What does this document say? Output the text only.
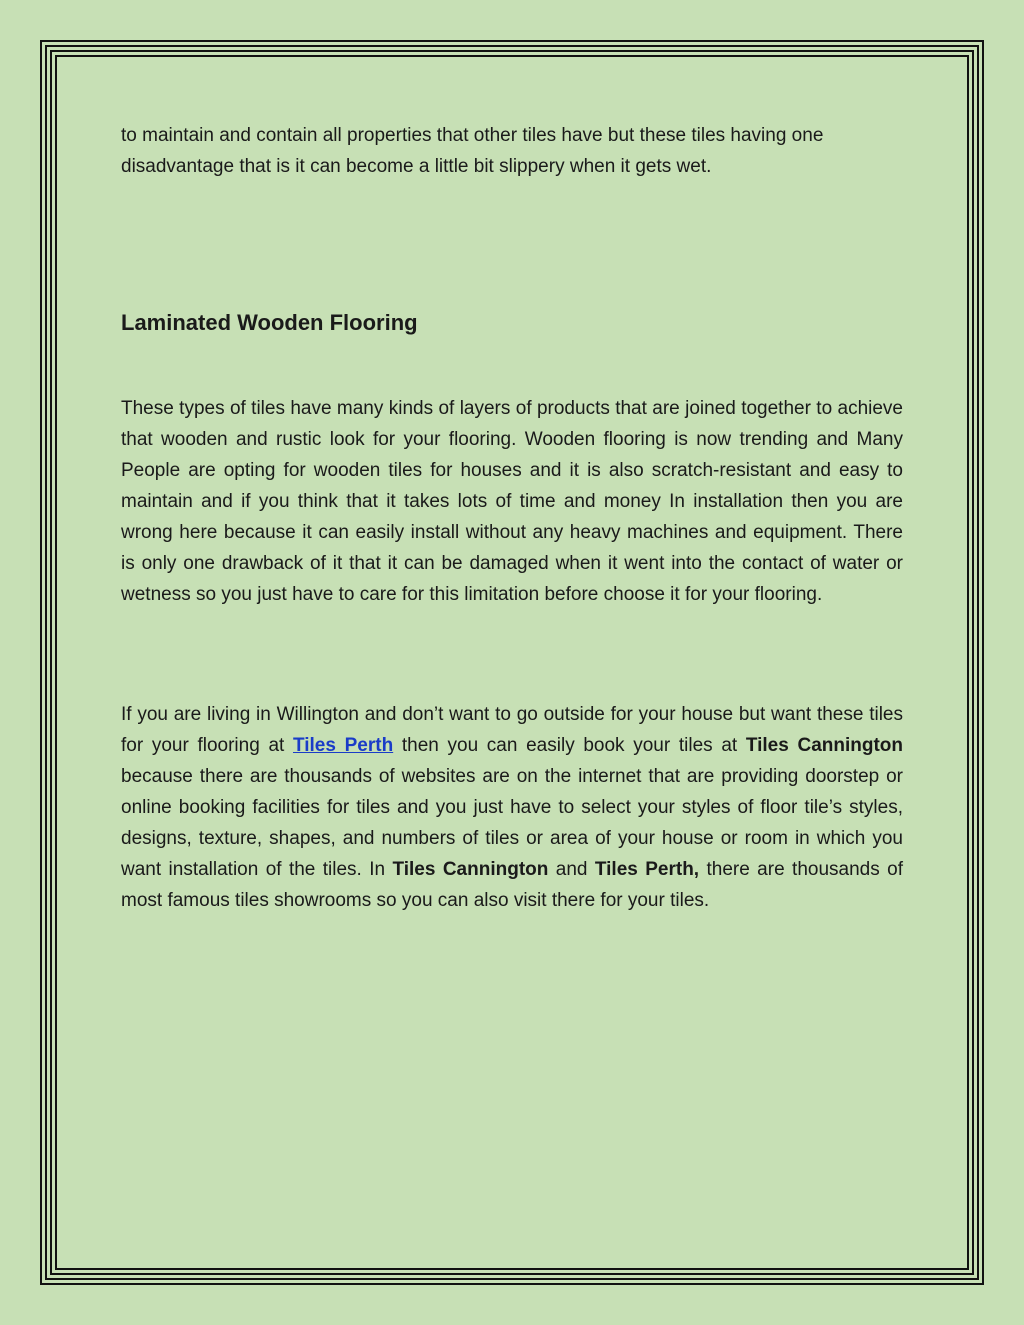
to maintain and contain all properties that other tiles have but these tiles having one disadvantage that is it can become a little bit slippery when it gets wet.

Laminated Wooden Flooring

These types of tiles have many kinds of layers of products that are joined together to achieve that wooden and rustic look for your flooring. Wooden flooring is now trending and Many People are opting for wooden tiles for houses and it is also scratch-resistant and easy to maintain and if you think that it takes lots of time and money In installation then you are wrong here because it can easily install without any heavy machines and equipment. There is only one drawback of it that it can be damaged when it went into the contact of water or wetness so you just have to care for this limitation before choose it for your flooring.

If you are living in Willington and don’t want to go outside for your house but want these tiles for your flooring at Tiles Perth then you can easily book your tiles at Tiles Cannington because there are thousands of websites are on the internet that are providing doorstep or online booking facilities for tiles and you just have to select your styles of floor tile’s styles, designs, texture, shapes, and numbers of tiles or area of your house or room in which you want installation of the tiles. In Tiles Cannington and Tiles Perth, there are thousands of most famous tiles showrooms so you can also visit there for your tiles.
